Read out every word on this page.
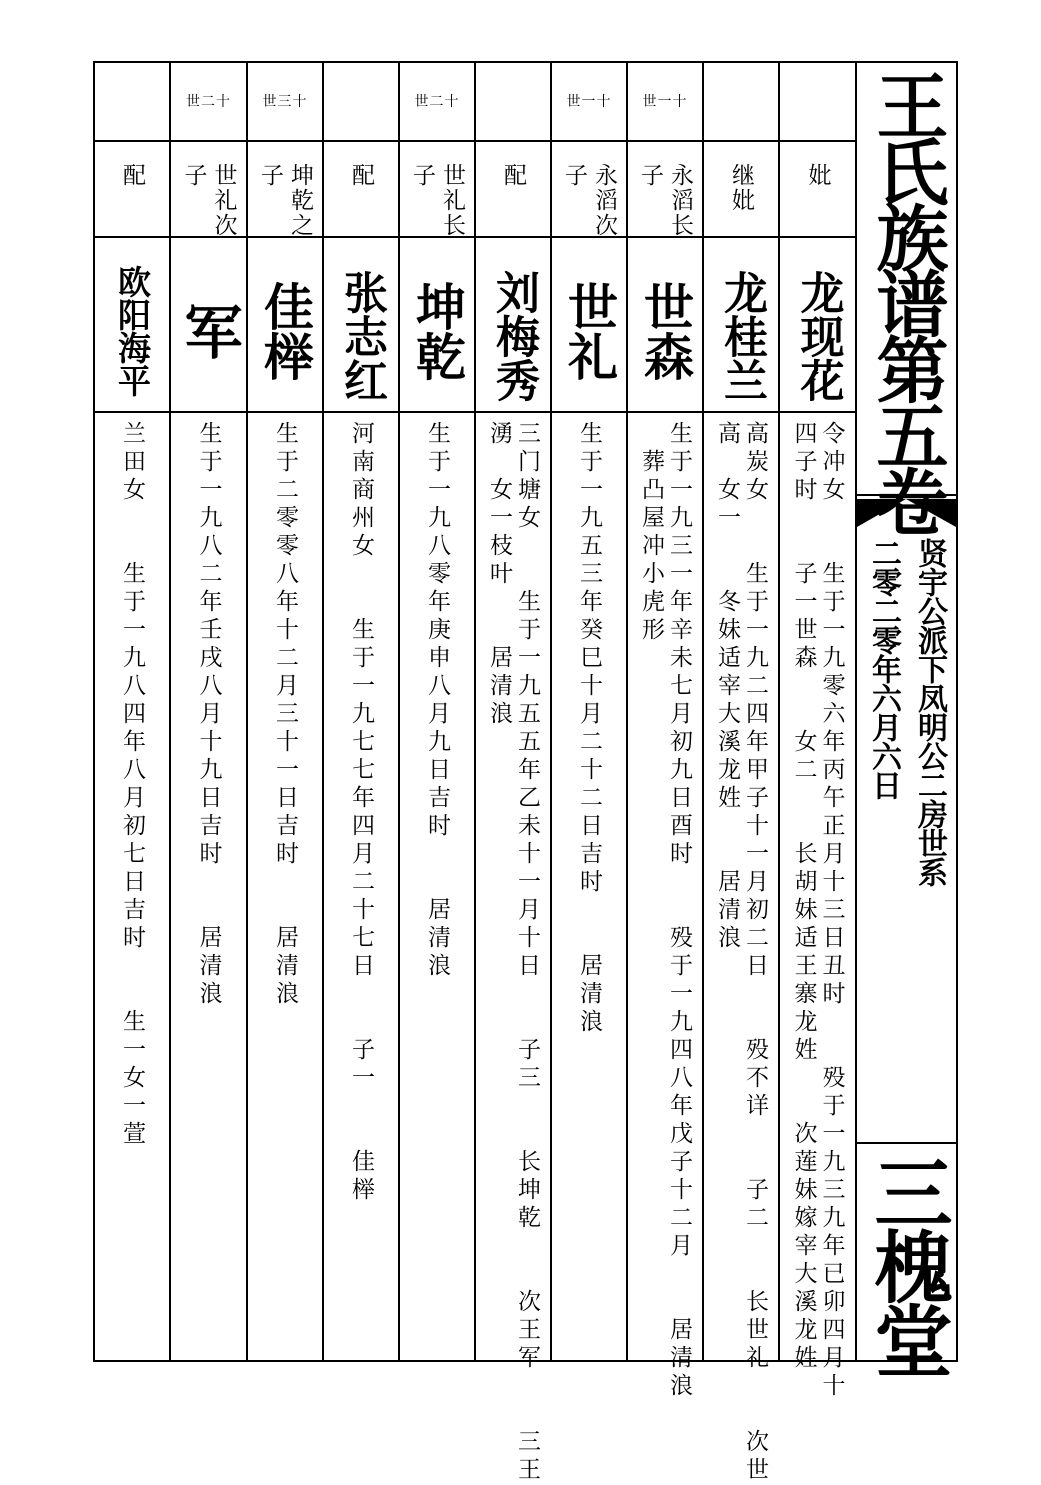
配
欧阳海平
兰田女　　生于一九八四年八月初七日吉时　　生一女一萱
世二十
世礼次子
军
生于一九八二年壬戌八月十九日吉时　　居清浪
世三十
坤乾之子
佳榉
生于二零零八年十二月三十一日吉时　　居清浪
配
张志红
河南商州女　　生于一九七七年四月二十七日　　子一　　佳榉
世二十
世礼长子
坤乾
生于一九八零年庚申八月九日吉时　　居清浪
配
刘梅秀
三门塘女　　生于一九五五年乙未十一月十日　　子三　　长坤乾　　次王军　　三王
湧　女一枝叶　　居清浪
世一十
永滔次子
世礼
生于一九五三年癸巳十月二十二日吉时　　居清浪
世一十
永滔长子
世森
生于一九三一年辛未七月初九日酉时　　殁于一九四八年戊子十二月　　居清浪
　葬凸屋冲小虎形
继妣
龙桂兰
高炭女　　生于一九二四年甲子十一月初二日　　殁不详　　子二　　长世礼　　次世
高　女一　　冬妹适宰大溪龙姓　　居清浪
妣
龙现花
令冲女　　生于一九零六年丙午正月十三日丑时　　殁于一九三九年已卯四月十
四子时　　子一世森　　女二　　长胡妹适王寨龙姓　　次莲妹嫁宰大溪龙姓
王氏族谱第五卷
贤宇公派下凤明公二房世系
二零二零年六月六日
三槐堂
